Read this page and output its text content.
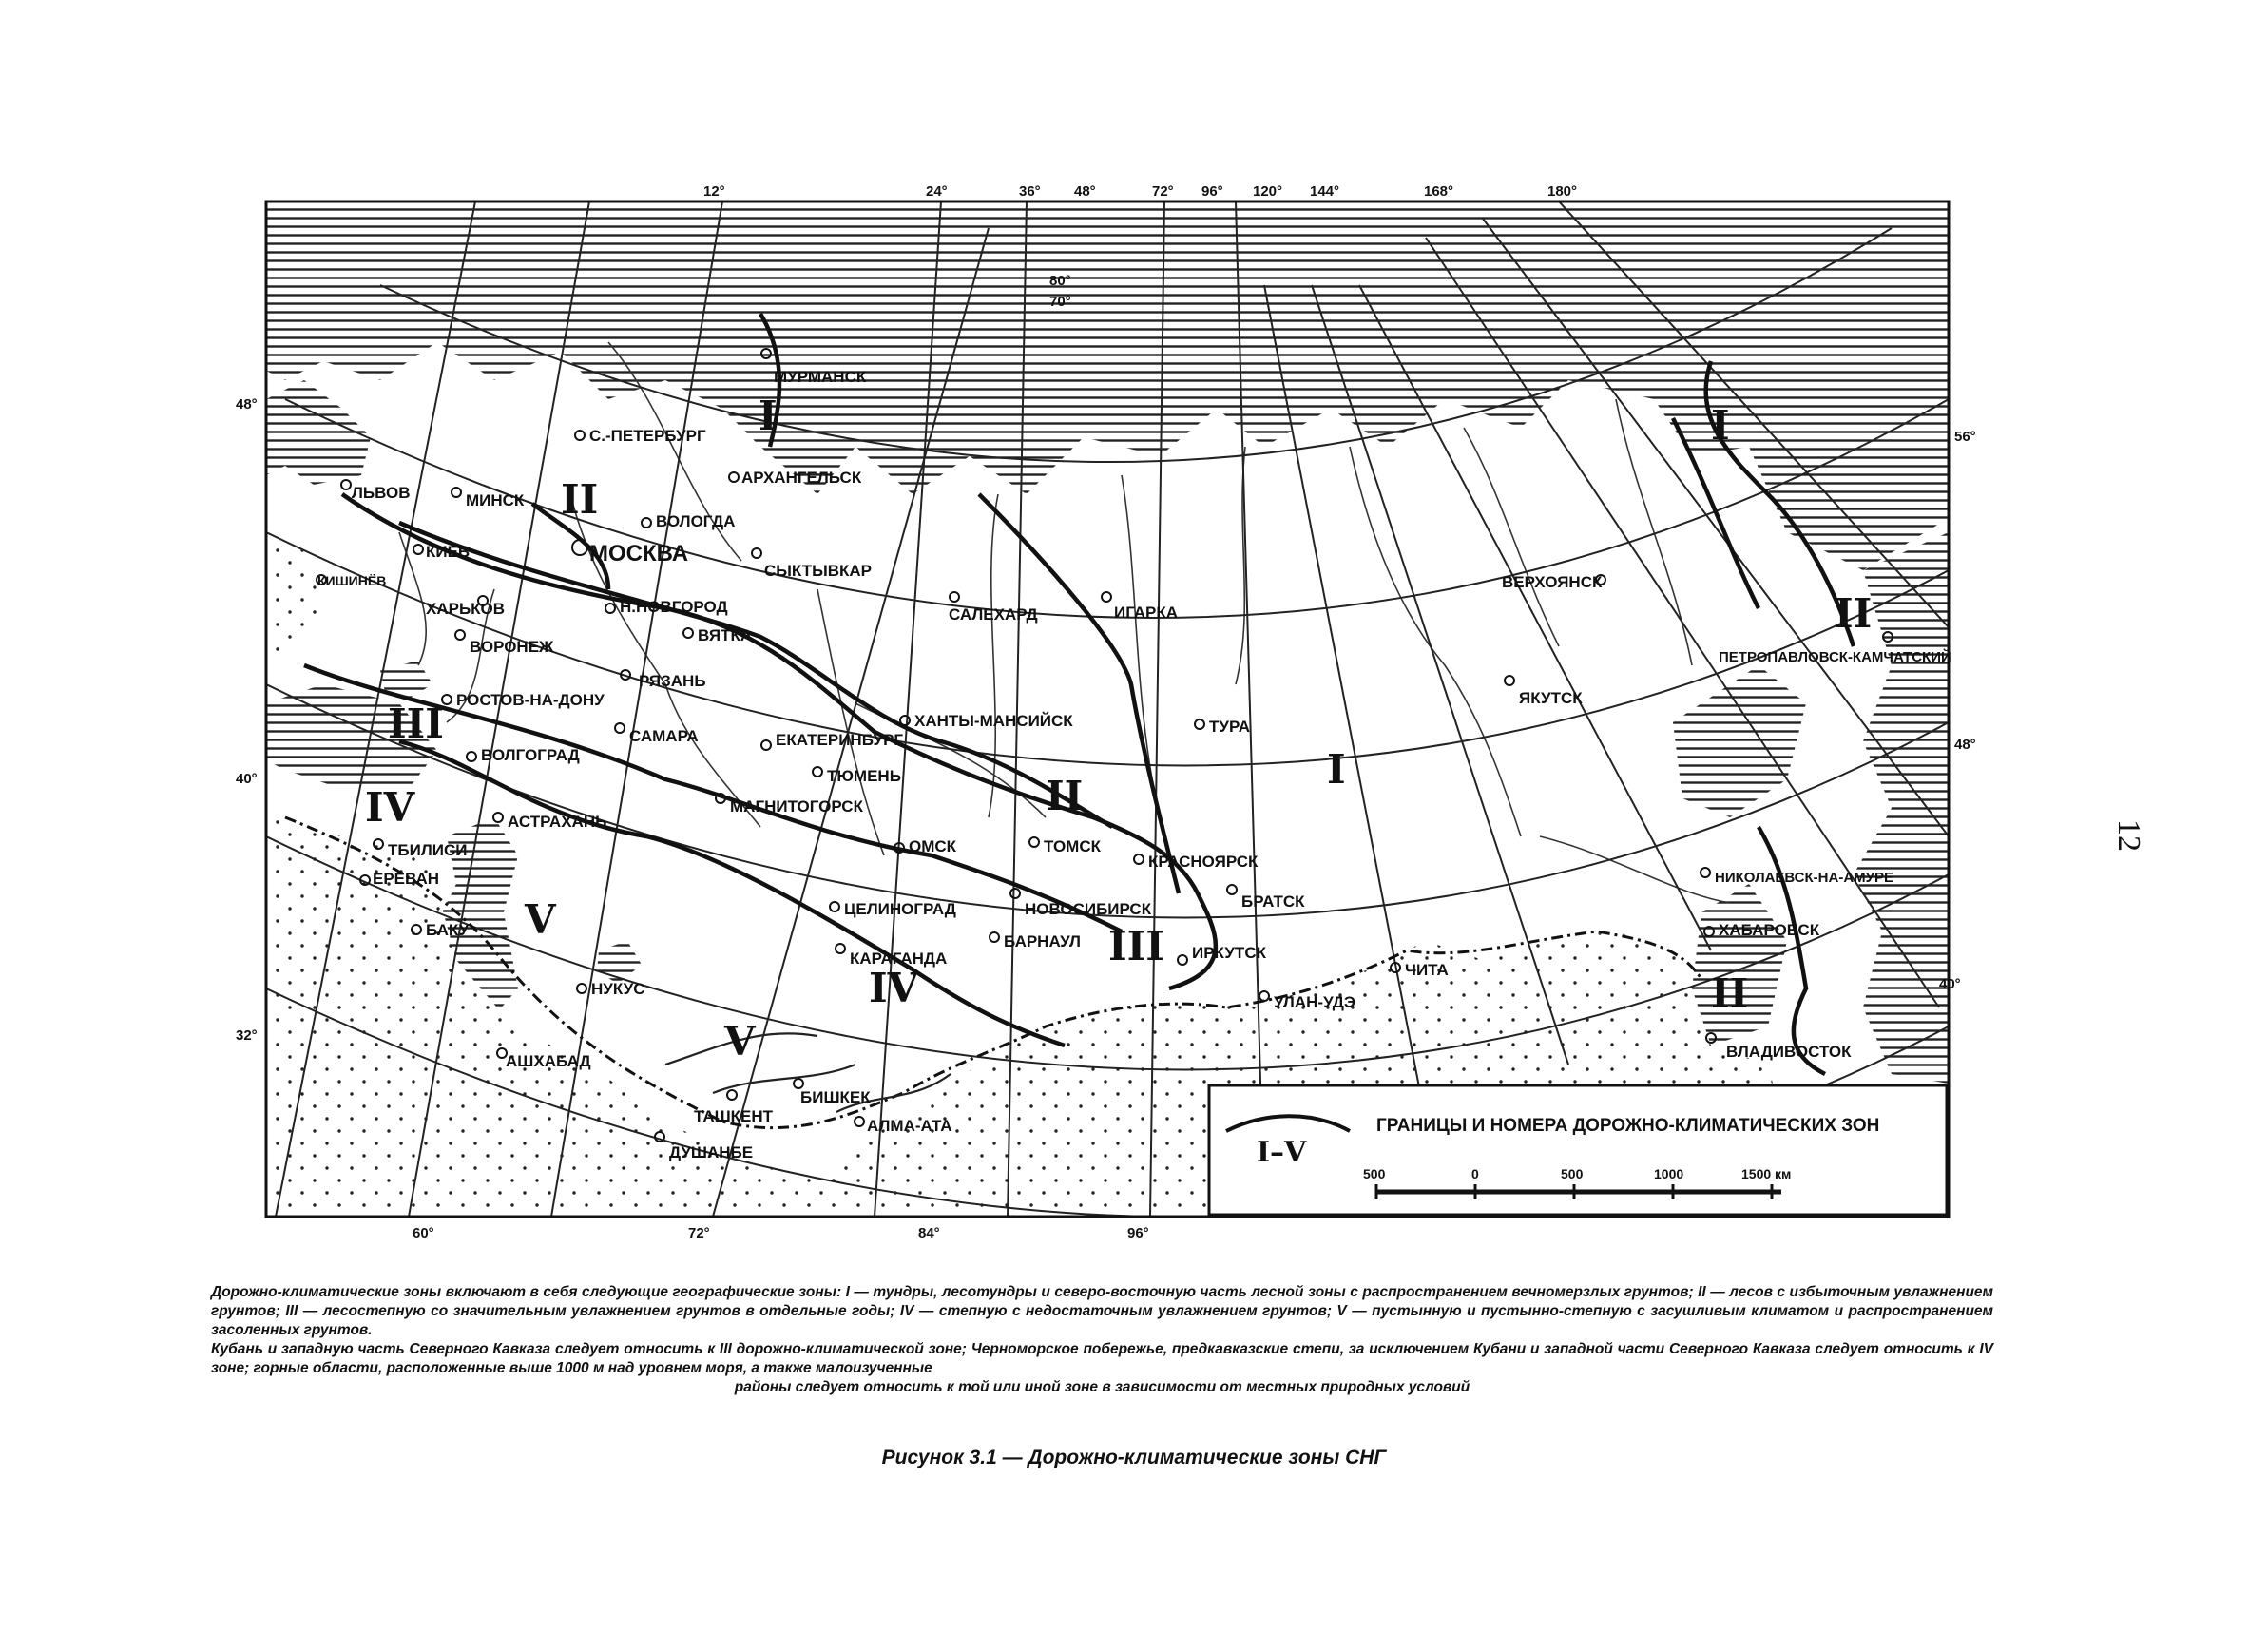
12°	24°	36° 48°	72° 96° 120° 144°	168°	180°
60°	72°	84°	96°
48°
40°
32°
56°
48°
40°
80°
70°
I
I
I
II
II
II
II
III
III
IV
IV
V
V
МУРМАНСК
С.-ПЕТЕРБУРГ
АРХАНГЕЛЬСК
ЛЬВОВ	МИНСК
ВОЛОГДА
МОСКВА
СЫКТЫВКАР
КИЕВ
КИШИНЁВ
ХАРЬКОВ	Н.НОВГОРОД
ВЯТКА
САЛЕХАРД	ИГАРКА
ВЕРХОЯНСК
ПЕТРОПАВЛОВСК-КАМЧАТСКИЙ
ВОРОНЕЖ
РЯЗАНЬ
РОСТОВ-НА-ДОНУ
САМАРА	ЕКАТЕРИНБУРГ
ХАНТЫ-МАНСИЙСК	ТУРА
ЯКУТСК
ВОЛГОГРАД
ТЮМЕНЬ
МАГНИТОГОРСК
АСТРАХАНЬ
ТБИЛИСИ	ОМСК	ТОМСК
КРАСНОЯРСК
ЕРЕВАН
БРАТСК
НИКОЛАЕВСК-НА-АМУРЕ
ЦЕЛИНОГРАД	НОВОСИБИРСК
БАКУ	ХАБАРОВСК
БАРНАУЛ
КАРАГАНДА	ИРКУТСК
ЧИТА
НУКУС
УЛАН-УДЭ
АШХАБАД
ВЛАДИВОСТОК
БИШКЕК
ТАШКЕНТ
АЛМА-АТА
ДУШАНБЕ	I–V
ГРАНИЦЫ И НОМЕРА ДОРОЖНО-КЛИМАТИЧЕСКИХ ЗОН
500	0	500	1000	1500 км
12

Дорожно-климатические зоны включают в себя следующие географические зоны: I — тундры, лесотундры и северо-восточную часть лесной зоны с распространением вечномерзлых грунтов; II — лесов с избыточным увлажнением грунтов; III — лесостепную со значительным увлажнением грунтов в отдельные годы; IV — степную с недостаточным увлажнением грунтов; V — пустынную и пустынно-степную с засушливым климатом и распространением засоленных грунтов.

Кубань и западную часть Северного Кавказа следует относить к III дорожно-климатической зоне; Черноморское побережье, предкавказские степи, за исключением Кубани и западной части Северного Кавказа следует относить к IV зоне; горные области, расположенные выше 1000 м над уровнем моря, а также малоизученные

районы следует относить к той или иной зоне в зависимости от местных природных условий

Рисунок 3.1 — Дорожно-климатические зоны СНГ
